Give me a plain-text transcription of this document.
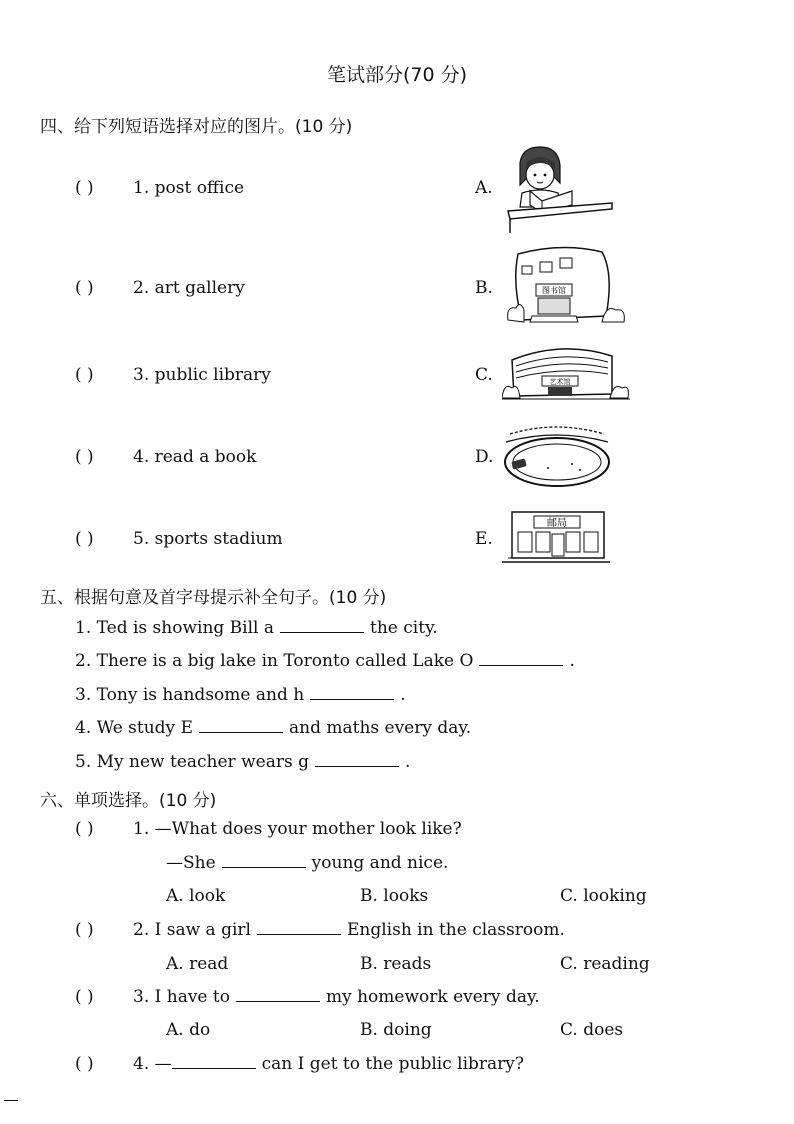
笔试部分(70 分)
四、给下列短语选择对应的图片。(10 分)
( ) 1. post office	A.
( ) 2. art gallery	B.
( ) 3. public library	C.
( ) 4. read a book	D.
( ) 5. sports stadium	E.
图书馆
艺术馆
邮局
五、根据句意及首字母提示补全句子。(10 分)
1. Ted is showing Bill a	the city.
2. There is a big lake in Toronto called Lake O	.
3. Tony is handsome and h	.
4. We study E	and maths every day.
5. My new teacher wears g	.
六、单项选择。(10 分)
( ) 1. —What does your mother look like?
—She	young and nice.
A. look	B. looks	C. looking
( ) 2. I saw a girl	English in the classroom.
A. read	B. reads	C. reading
( ) 3. I have to	my homework every day.
A. do	B. doing	C. does
( ) 4. —	can I get to the public library?
